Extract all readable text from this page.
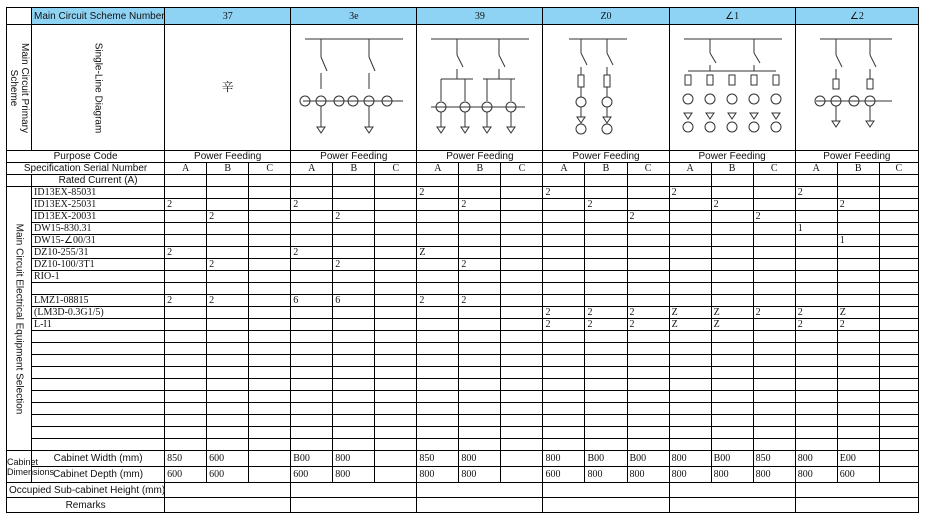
	Main Circuit Scheme Number	37			3e			39			Z0			∠1			∠2		

Main Circuit Primary Scheme	Single-Line Diagram	辛	

Purpose Code		Power Feeding			Power Feeding			Power Feeding			Power Feeding			Power Feeding			Power Feeding		
Specification Serial Number		A	B	C	A	B	C	A	B	C	A	B	C	A	B	C	A	B	C
	Rated Current (A)																		

Main Circuit Electrical Equipment Selection	ID13EX-85031							2			2			2			2		
	ID13EX-25031	2			2				2			2			2			2	
	ID13EX-20031		2			2							2			2			
	DW15-830.31																1		
	DW15-∠00/31																	1	
	DZ10-255/31	2			2			Z											
	DZ10-100/3T1		2			2			2										
	RIO-1																		

	LMZ1-08815	2	2		6	6		2	2										
	(LM3D-0.3G1/5)										2	2	2	Z	Z	2	2	Z	
	L-I1										2	2	2	Z	Z		2	2	

Cabinet Dimensions	Cabinet Width (mm)	850	600		B00	800		850	800		800	B00	B00	800	B00	850	800	E00	
	Cabinet Depth (mm)	600	600		600	800		800	800		600	800	800	800	800	800	800	600	
Occupied Sub-cabinet Height (mm)																			
Remarks																			
